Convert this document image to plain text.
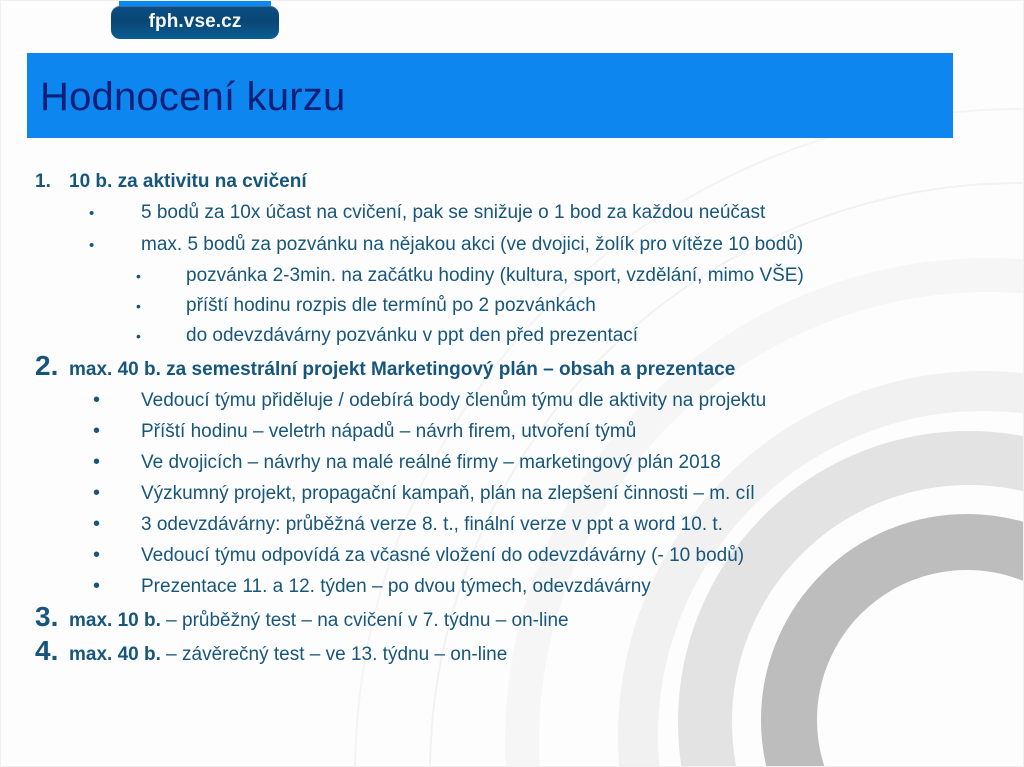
fph.vse.cz
Hodnocení kurzu
1. 10 b. za aktivitu na cvičení
•	5 bodů za 10x účast na cvičení, pak se snižuje o 1 bod za každou neúčast
•	max. 5 bodů za pozvánku na nějakou akci (ve dvojici, žolík pro vítěze 10 bodů)
•	pozvánka 2-3min. na začátku hodiny (kultura, sport, vzdělání, mimo VŠE)
•	příští hodinu rozpis dle termínů po 2 pozvánkách
•	do odevzdávárny pozvánku v ppt den před prezentací
2. max. 40 b. za semestrální projekt Marketingový plán – obsah a prezentace
•	Vedoucí týmu přiděluje / odebírá body členům týmu dle aktivity na projektu
•	Příští hodinu – veletrh nápadů – návrh firem, utvoření týmů
•	Ve dvojicích – návrhy na malé reálné firmy – marketingový plán 2018
•	Výzkumný projekt, propagační kampaň, plán na zlepšení činnosti – m. cíl
•	3 odevzdávárny: průběžná verze 8. t., finální verze v ppt a word 10. t.
•	Vedoucí týmu odpovídá za včasné vložení do odevzdávárny (- 10 bodů)
•	Prezentace 11. a 12. týden – po dvou týmech, odevzdávárny
3. max. 10 b. – průběžný test – na cvičení v 7. týdnu – on-line
4. max. 40 b. – závěrečný test – ve 13. týdnu – on-line
